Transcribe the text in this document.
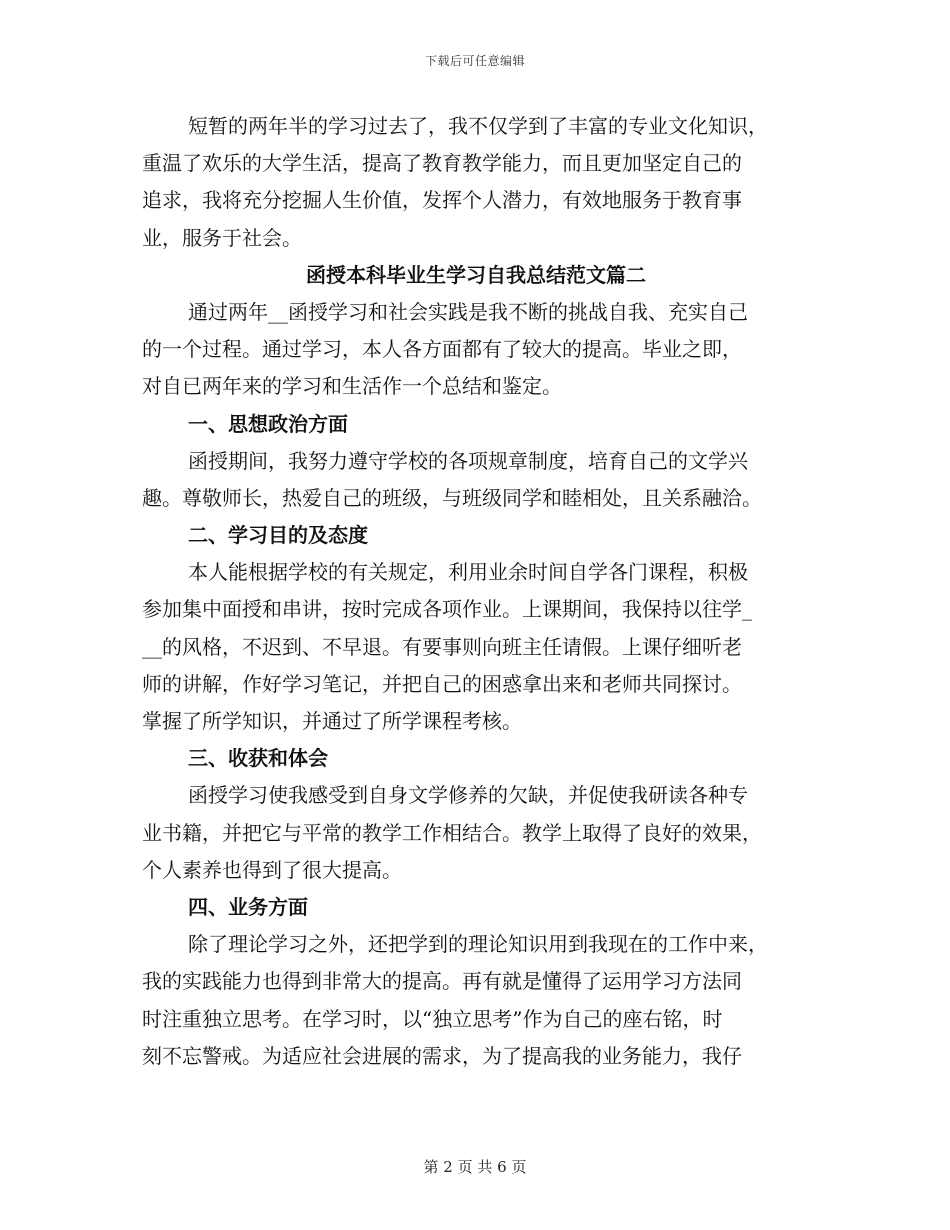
下载后可任意编辑
短暂的两年半的学习过去了，我不仅学到了丰富的专业文化知识，
重温了欢乐的大学生活，提高了教育教学能力，而且更加坚定自己的
追求，我将充分挖掘人生价值，发挥个人潜力，有效地服务于教育事
业，服务于社会。
函授本科毕业生学习自我总结范文篇二
通过两年__函授学习和社会实践是我不断的挑战自我、充实自己
的一个过程。通过学习，本人各方面都有了较大的提高。毕业之即，
对自已两年来的学习和生活作一个总结和鉴定。
一、思想政治方面
函授期间，我努力遵守学校的各项规章制度，培育自己的文学兴
趣。尊敬师长，热爱自己的班级，与班级同学和睦相处，且关系融洽。
二、学习目的及态度
本人能根据学校的有关规定，利用业余时间自学各门课程，积极
参加集中面授和串讲，按时完成各项作业。上课期间，我保持以往学_
__的风格，不迟到、不早退。有要事则向班主任请假。上课仔细听老
师的讲解，作好学习笔记，并把自己的困惑拿出来和老师共同探讨。
掌握了所学知识，并通过了所学课程考核。
三、收获和体会
函授学习使我感受到自身文学修养的欠缺，并促使我研读各种专
业书籍，并把它与平常的教学工作相结合。教学上取得了良好的效果，
个人素养也得到了很大提高。
四、业务方面
除了理论学习之外，还把学到的理论知识用到我现在的工作中来，
我的实践能力也得到非常大的提高。再有就是懂得了运用学习方法同
时注重独立思考。在学习时，以“独立思考”作为自己的座右铭，时
刻不忘警戒。为适应社会进展的需求，为了提高我的业务能力，我仔
第 2 页 共 6 页
